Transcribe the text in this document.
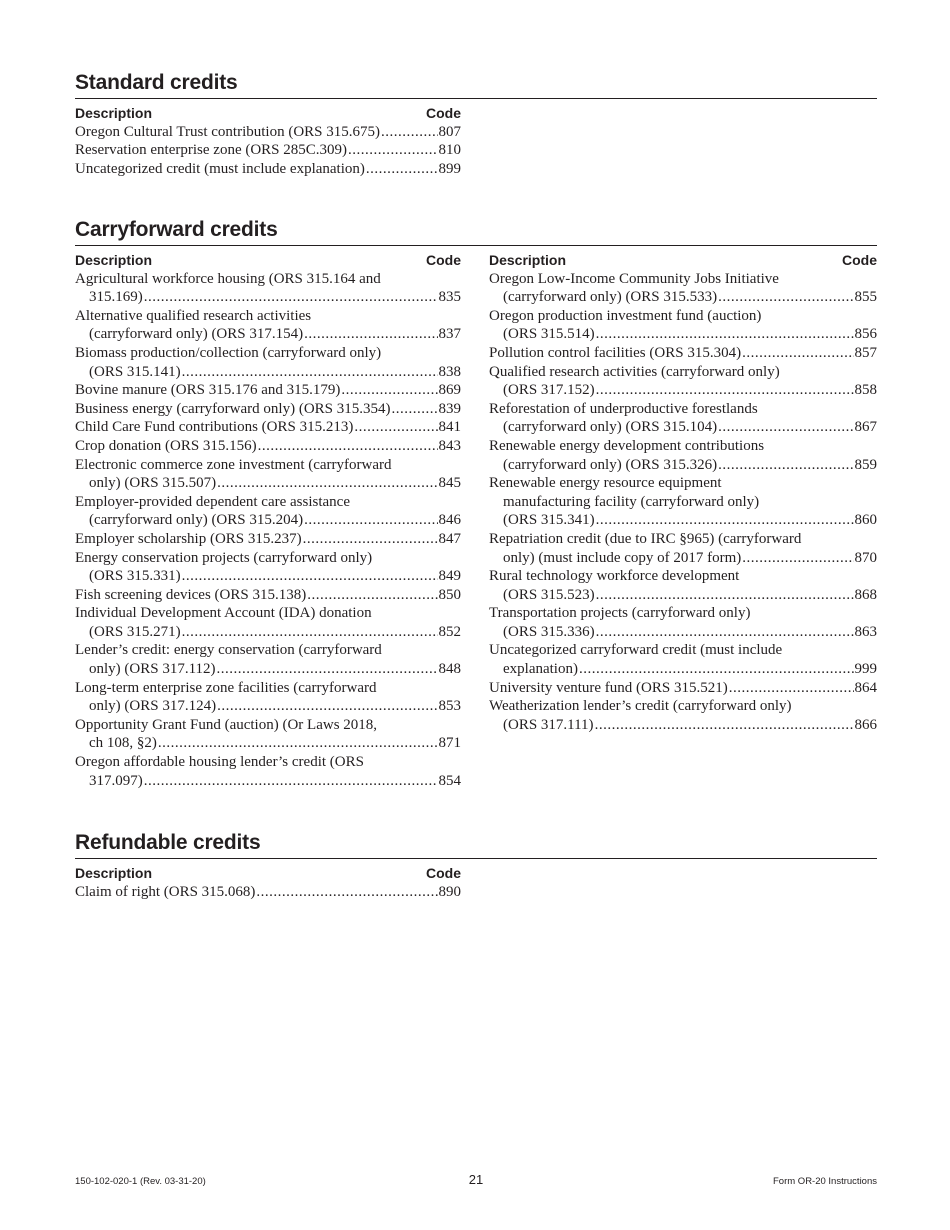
Standard credits
Description	Code
Oregon Cultural Trust contribution (ORS 315.675) .....	807
Reservation enterprise zone (ORS 285C.309) .....	810
Uncategorized credit (must include explanation) .....	899
Carryforward credits
Description	Code
Agricultural workforce housing (ORS 315.164 and
315.169) .....	835
Alternative qualified research activities
(carryforward only) (ORS 317.154) .....	837
Biomass production/collection (carryforward only)
(ORS 315.141) .....	838
Bovine manure (ORS 315.176 and 315.179) .....	869
Business energy (carryforward only) (ORS 315.354) .....	839
Child Care Fund contributions (ORS 315.213) .....	841
Crop donation (ORS 315.156) .....	843
Electronic commerce zone investment (carryforward
only) (ORS 315.507) .....	845
Employer-provided dependent care assistance
(carryforward only) (ORS 315.204) .....	846
Employer scholarship (ORS 315.237) .....	847
Energy conservation projects (carryforward only)
(ORS 315.331) .....	849
Fish screening devices (ORS 315.138) .....	850
Individual Development Account (IDA) donation
(ORS 315.271) .....	852
Lender’s credit: energy conservation (carryforward
only) (ORS 317.112) .....	848
Long-term enterprise zone facilities (carryforward
only) (ORS 317.124) .....	853
Opportunity Grant Fund (auction) (Or Laws 2018,
ch 108, §2) .....	871
Oregon affordable housing lender’s credit (ORS
317.097) .....	854
Description	Code
Oregon Low-Income Community Jobs Initiative
(carryforward only) (ORS 315.533) .....	855
Oregon production investment fund (auction)
(ORS 315.514) .....	856
Pollution control facilities (ORS 315.304) .....	857
Qualified research activities (carryforward only)
(ORS 317.152) .....	858
Reforestation of underproductive forestlands
(carryforward only) (ORS 315.104) .....	867
Renewable energy development contributions
(carryforward only) (ORS 315.326) .....	859
Renewable energy resource equipment
manufacturing facility (carryforward only)
(ORS 315.341) .....	860
Repatriation credit (due to IRC §965) (carryforward
only) (must include copy of 2017 form) .....	870
Rural technology workforce development
(ORS 315.523) .....	868
Transportation projects (carryforward only)
(ORS 315.336) .....	863
Uncategorized carryforward credit (must include
explanation) .....	999
University venture fund (ORS 315.521) .....	864
Weatherization lender’s credit (carryforward only)
(ORS 317.111) .....	866
Refundable credits
Description	Code
Claim of right (ORS 315.068) .....	890
150-102-020-1 (Rev. 03-31-20)	21	Form OR-20 Instructions
